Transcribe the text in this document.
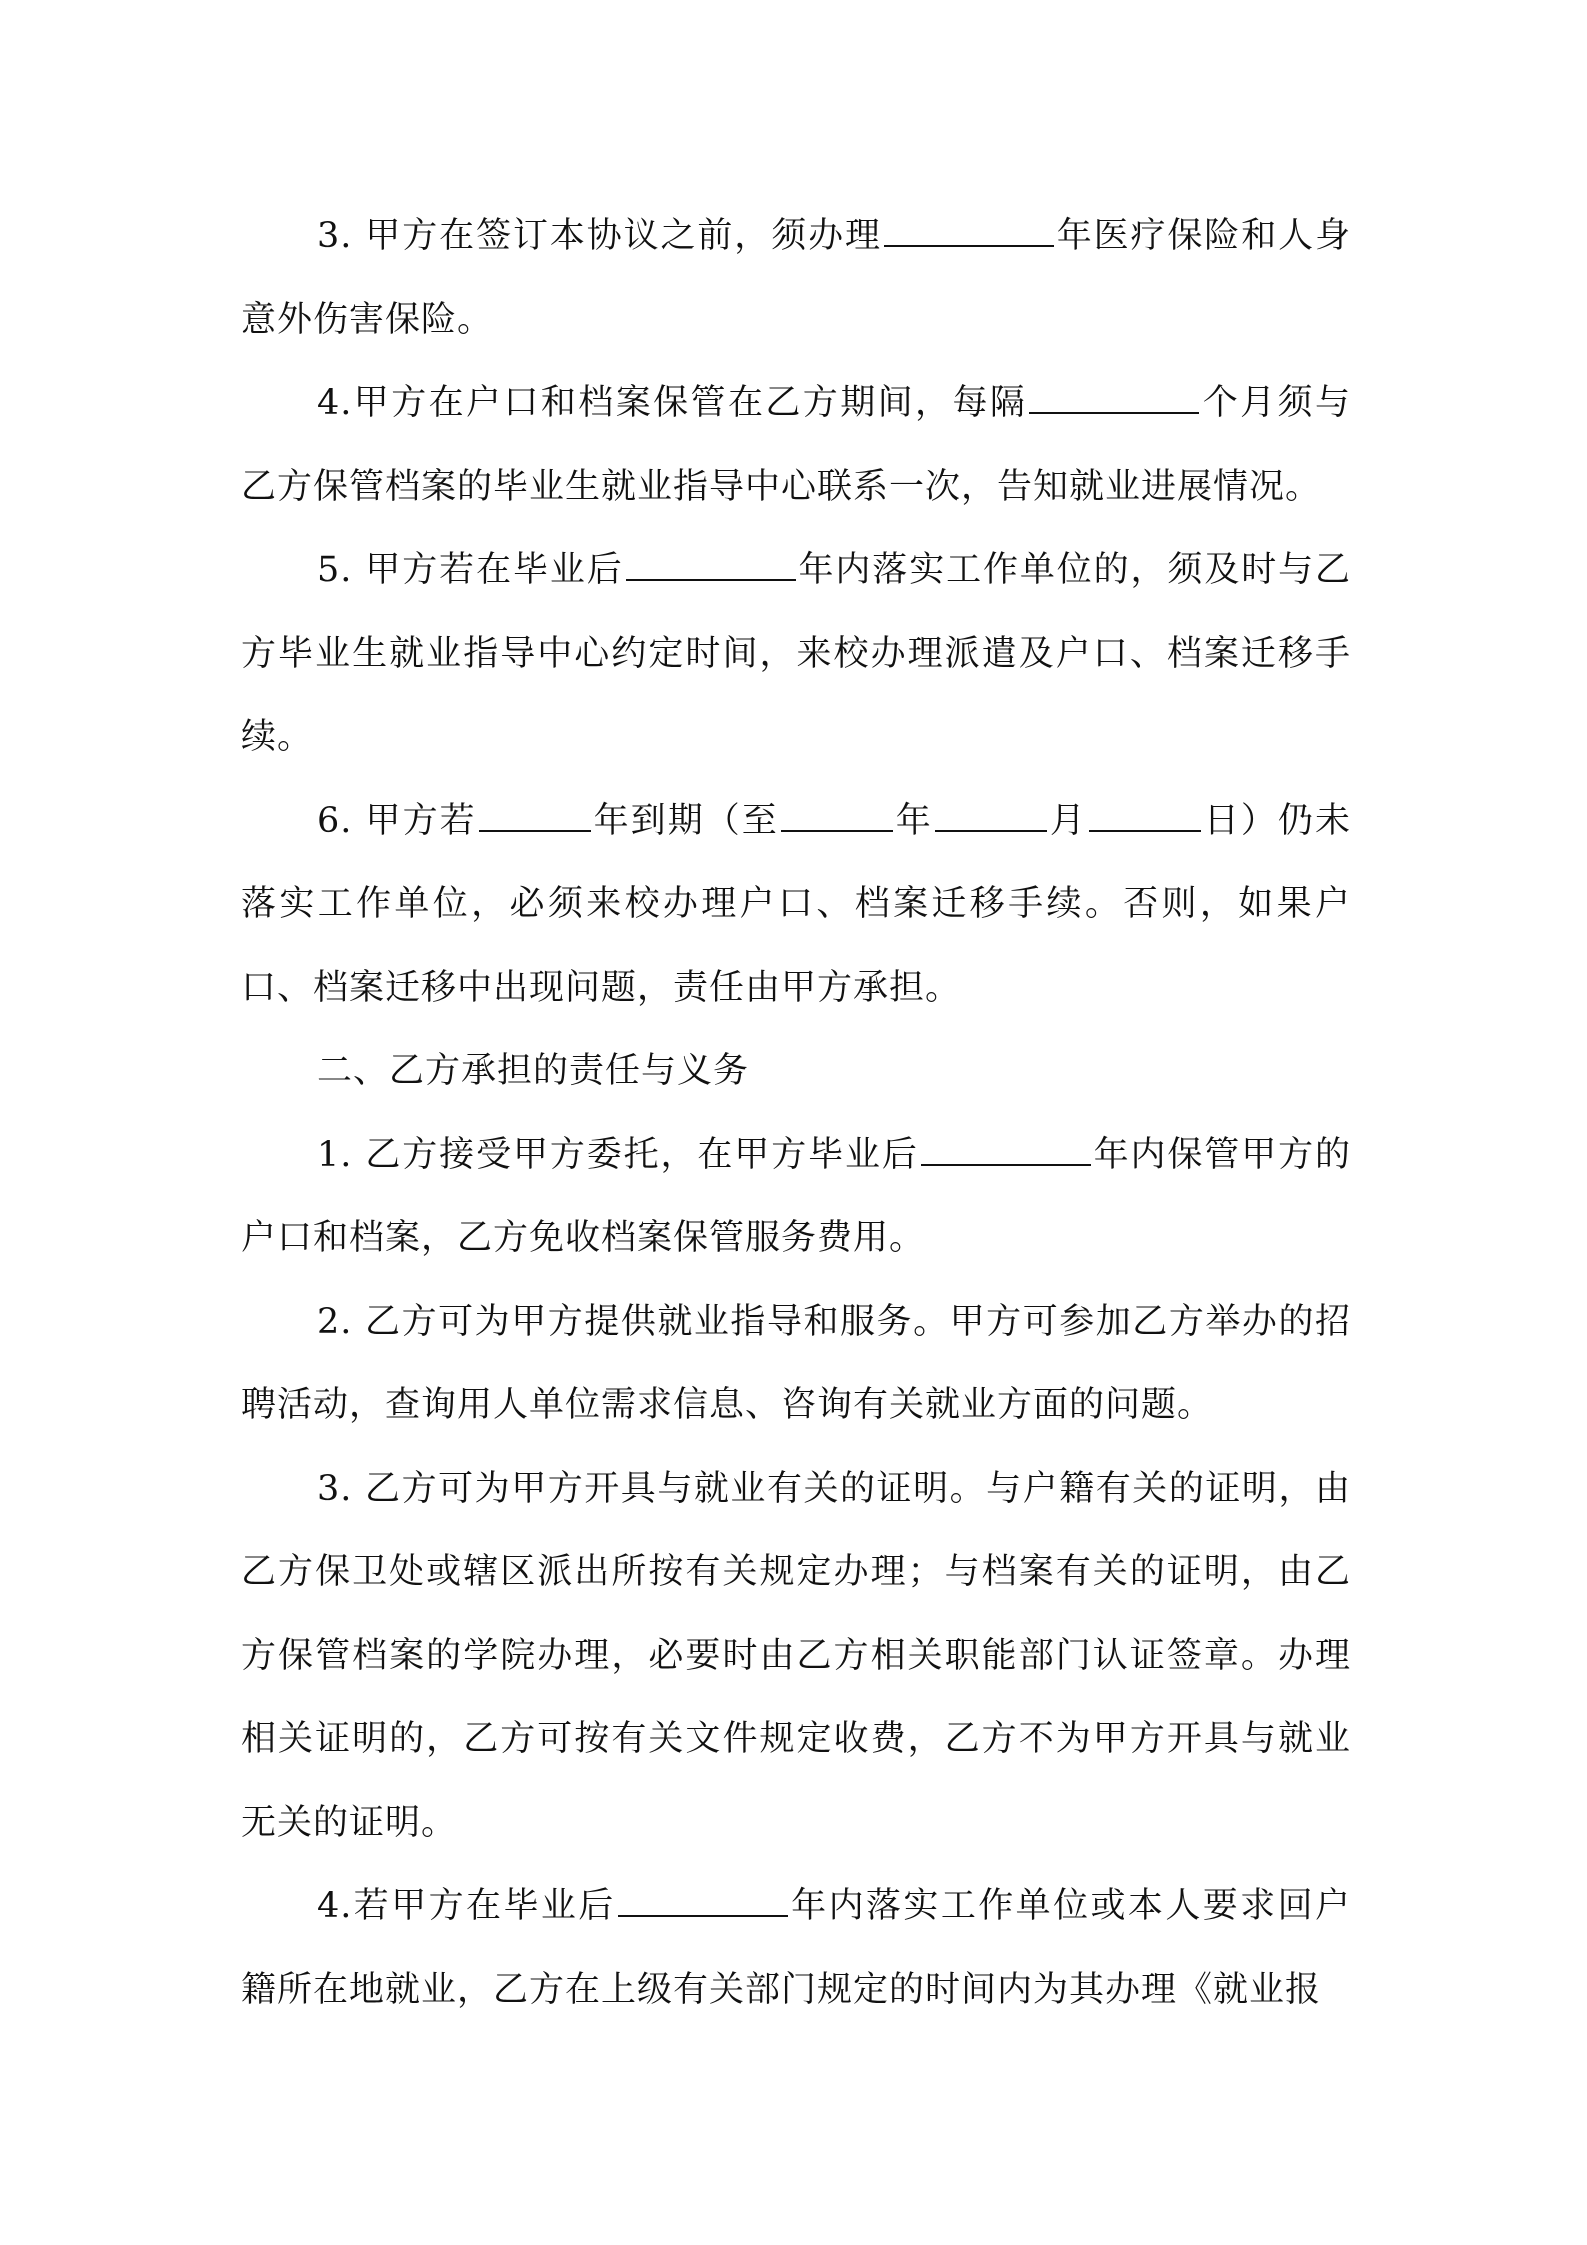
3. 甲方在签订本协议之前，须办理	年医疗保险和人身意外伤害保险。

4.甲方在户口和档案保管在乙方期间，每隔	个月须与乙方保管档案的毕业生就业指导中心联系一次，告知就业进展情况。

5. 甲方若在毕业后	年内落实工作单位的，须及时与乙方毕业生就业指导中心约定时间，来校办理派遣及户口、档案迁移手续。

6. 甲方若	年到期（至	年	月	日）仍未落实工作单位，必须来校办理户口、档案迁移手续。否则，如果户口、档案迁移中出现问题，责任由甲方承担。

二、乙方承担的责任与义务

1. 乙方接受甲方委托，在甲方毕业后	年内保管甲方的户口和档案，乙方免收档案保管服务费用。

2. 乙方可为甲方提供就业指导和服务。甲方可参加乙方举办的招聘活动，查询用人单位需求信息、咨询有关就业方面的问题。

3. 乙方可为甲方开具与就业有关的证明。与户籍有关的证明，由乙方保卫处或辖区派出所按有关规定办理；与档案有关的证明，由乙方保管档案的学院办理，必要时由乙方相关职能部门认证签章。办理相关证明的，乙方可按有关文件规定收费，乙方不为甲方开具与就业无关的证明。

4.若甲方在毕业后	年内落实工作单位或本人要求回户籍所在地就业，乙方在上级有关部门规定的时间内为其办理《就业报
